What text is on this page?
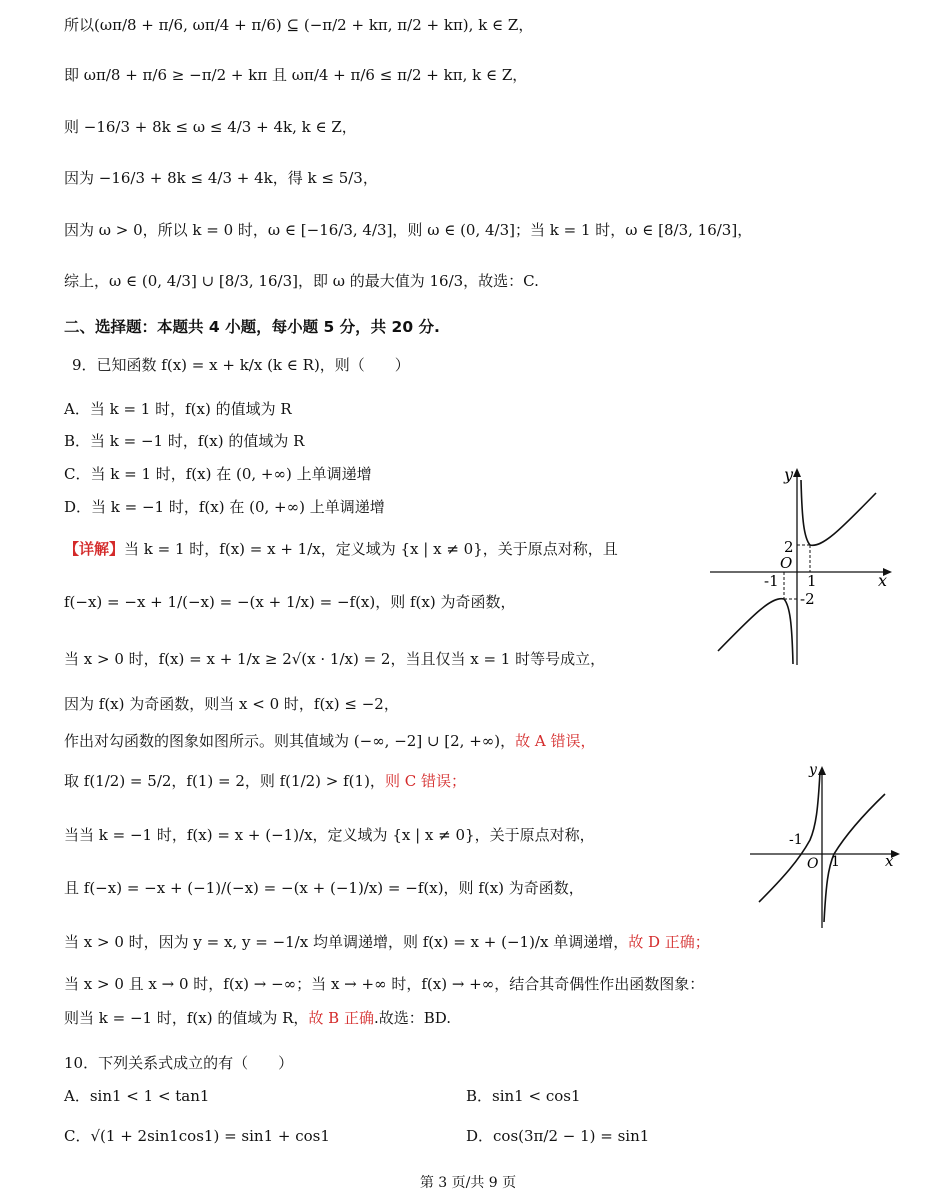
所以(ωπ/8 + π/6, ωπ/4 + π/6) ⊆ (−π/2 + kπ, π/2 + kπ), k ∈ Z，
即 ωπ/8 + π/6 ≥ −π/2 + kπ 且 ωπ/4 + π/6 ≤ π/2 + kπ, k ∈ Z，
则 −16/3 + 8k ≤ ω ≤ 4/3 + 4k, k ∈ Z，
因为 −16/3 + 8k ≤ 4/3 + 4k，得 k ≤ 5/3，
因为 ω > 0，所以 k = 0 时，ω ∈ [−16/3, 4/3]，则 ω ∈ (0, 4/3]；当 k = 1 时，ω ∈ [8/3, 16/3]，
综上，ω ∈ (0, 4/3] ∪ [8/3, 16/3]，即 ω 的最大值为 16/3，故选：C.
二、选择题：本题共 4 小题，每小题 5 分，共 20 分.
9．已知函数 f(x) = x + k/x (k ∈ R)，则（　　）
A．当 k = 1 时，f(x) 的值域为 R
B．当 k = −1 时，f(x) 的值域为 R
C．当 k = 1 时，f(x) 在 (0, +∞) 上单调递增
D．当 k = −1 时，f(x) 在 (0, +∞) 上单调递增
【详解】当 k = 1 时，f(x) = x + 1/x，定义域为 {x | x ≠ 0}，关于原点对称，且
f(−x) = −x + 1/(−x) = −(x + 1/x) = −f(x)，则 f(x) 为奇函数，
当 x > 0 时，f(x) = x + 1/x ≥ 2√(x · 1/x) = 2，当且仅当 x = 1 时等号成立，
因为 f(x) 为奇函数，则当 x < 0 时，f(x) ≤ −2，
作出对勾函数的图象如图所示。则其值域为 (−∞, −2] ∪ [2, +∞)，故 A 错误，
取 f(1/2) = 5/2，f(1) = 2，则 f(1/2) > f(1)，则 C 错误；
当当 k = −1 时，f(x) = x + (−1)/x，定义域为 {x | x ≠ 0}，关于原点对称，
且 f(−x) = −x + (−1)/(−x) = −(x + (−1)/x) = −f(x)，则 f(x) 为奇函数，
当 x > 0 时，因为 y = x, y = −1/x 均单调递增，则 f(x) = x + (−1)/x 单调递增，故 D 正确；
当 x > 0 且 x → 0 时，f(x) → −∞；当 x → +∞ 时，f(x) → +∞，结合其奇偶性作出函数图象：
则当 k = −1 时，f(x) 的值域为 R，故 B 正确.故选：BD.
10．下列关系式成立的有（　　）
A．sin1 < 1 < tan1	B．sin1 < cos1
C．√(1 + 2sin1cos1) = sin1 + cos1	D．cos(3π/2 − 1) = sin1
y
x
O
2
-1 1
-2
y
x
O
-1
1
第 3 页/共 9 页
